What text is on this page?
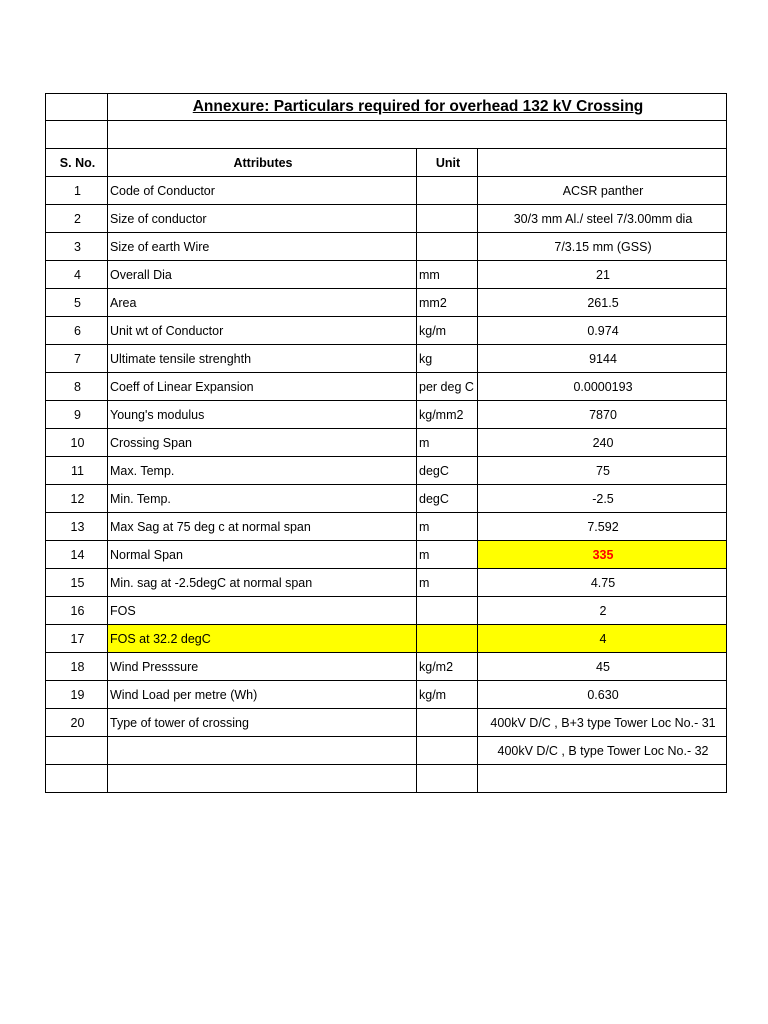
	Annexure: Particulars required for overhead 132 kV Crossing		

S. No.	Attributes	Unit	
1	Code of Conductor		ACSR panther
2	Size of conductor		30/3 mm Al./ steel 7/3.00mm dia
3	Size of earth Wire		7/3.15 mm (GSS)
4	Overall Dia	mm	21
5	Area	mm2	261.5
6	Unit wt of Conductor	kg/m	0.974
7	Ultimate tensile strenghth	kg	9144
8	Coeff of Linear Expansion	per deg C	0.0000193
9	Young's modulus	kg/mm2	7870
10	Crossing Span	m	240
11	Max. Temp.	degC	75
12	Min. Temp.	degC	-2.5
13	Max Sag at 75 deg c at normal span	m	7.592
14	Normal Span	m	335
15	Min. sag at -2.5degC at normal span	m	4.75
16	FOS		2
17	FOS at 32.2 degC		4
18	Wind Presssure	kg/m2	45
19	Wind Load per metre (Wh)	kg/m	0.630
20	Type of tower of crossing		400kV D/C , B+3 type Tower Loc No.- 31
			400kV D/C , B type Tower Loc No.- 32
